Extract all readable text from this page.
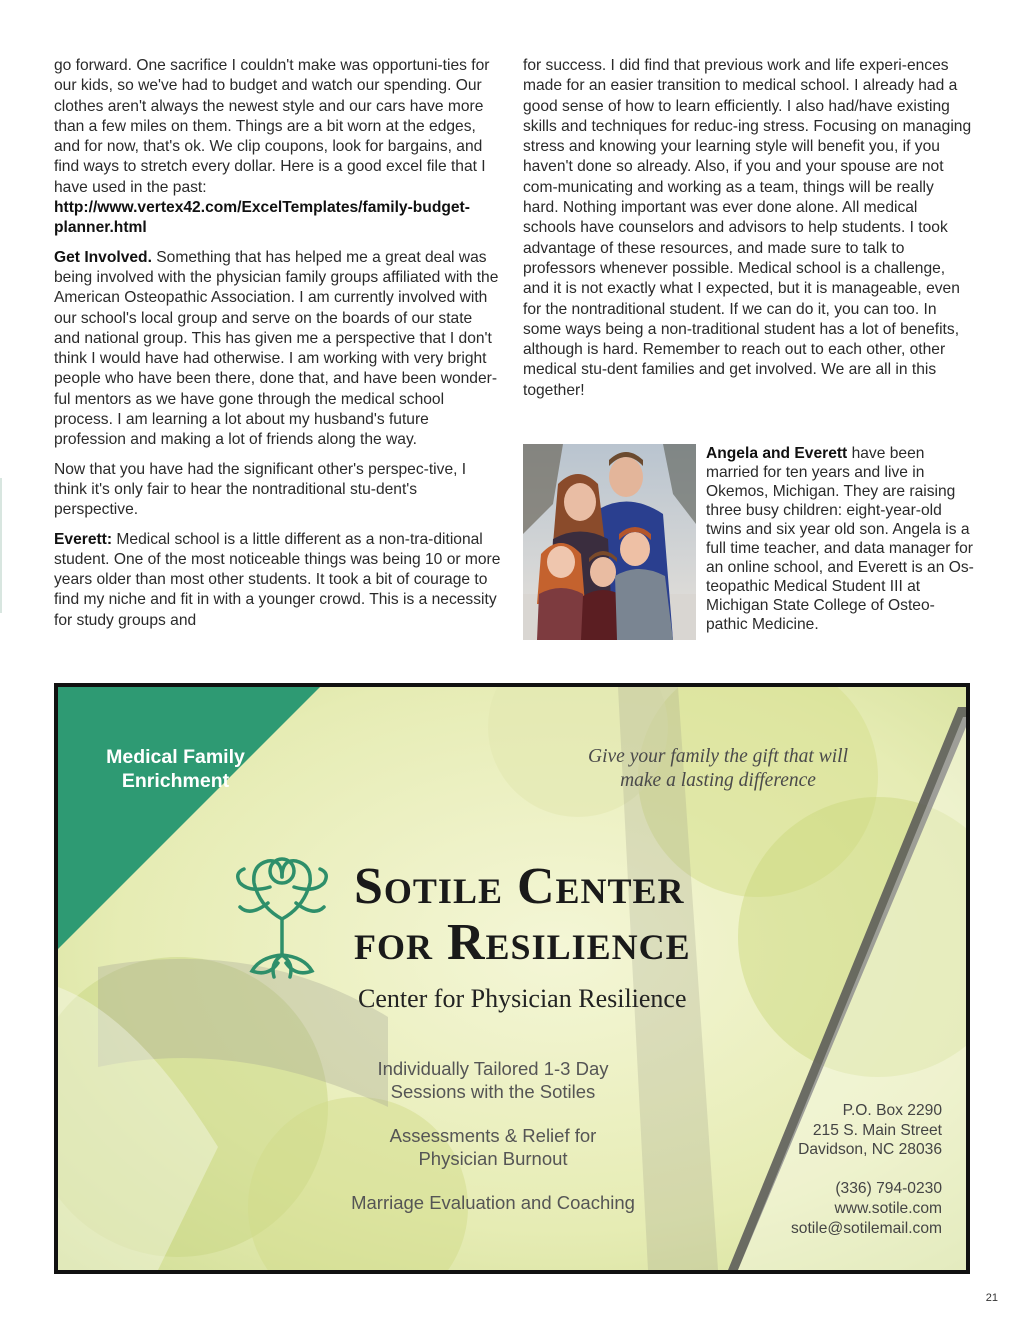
go forward. One sacrifice I couldn't make was opportuni-ties for our kids, so we've had to budget and watch our spending. Our clothes aren't always the newest style and our cars have more than a few miles on them. Things are a bit worn at the edges, and for now, that's ok. We clip coupons, look for bargains, and find ways to stretch every dollar. Here is a good excel file that I have used in the past: http://www.vertex42.com/ExcelTemplates/family-budget-planner.html

Get Involved. Something that has helped me a great deal was being involved with the physician family groups affiliated with the American Osteopathic Association. I am currently involved with our school's local group and serve on the boards of our state and national group. This has given me a perspective that I don't think I would have had otherwise. I am working with very bright people who have been there, done that, and have been wonder-ful mentors as we have gone through the medical school process. I am learning a lot about my husband's future profession and making a lot of friends along the way.

Now that you have had the significant other's perspec-tive, I think it's only fair to hear the nontraditional stu-dent's perspective.

Everett: Medical school is a little different as a non-tra-ditional student. One of the most noticeable things was being 10 or more years older than most other students. It took a bit of courage to find my niche and fit in with a younger crowd. This is a necessity for study groups and

for success. I did find that previous work and life experi-ences made for an easier transition to medical school. I already had a good sense of how to learn efficiently. I also had/have existing skills and techniques for reduc-ing stress. Focusing on managing stress and knowing your learning style will benefit you, if you haven't done so already. Also, if you and your spouse are not com-municating and working as a team, things will be really hard. Nothing important was ever done alone. All medical schools have counselors and advisors to help students. I took advantage of these resources, and made sure to talk to professors whenever possible. Medical school is a challenge, and it is not exactly what I expected, but it is manageable, even for the nontraditional student. If we can do it, you can too. In some ways being a non-traditional student has a lot of benefits, although is hard. Remember to reach out to each other, other medical stu-dent families and get involved. We are all in this together!

Angela and Everett have been married for ten years and live in Okemos, Michigan. They are raising three busy children: eight-year-old twins and six year old son. Angela is a full time teacher, and data manager for an online school, and Everett is an Os-teopathic Medical Student III at Michigan State College of Osteo-pathic Medicine.
Medical Family
Enrichment
Give your family the gift that will
make a lasting difference
Sotile Center
for Resilience
Center for Physician Resilience
Individually Tailored 1-3 Day Sessions with the Sotiles
Assessments & Relief for Physician Burnout
Marriage Evaluation and Coaching
P.O. Box 2290
215 S. Main Street
Davidson, NC 28036
(336) 794-0230
www.sotile.com
sotile@sotilemail.com
21
